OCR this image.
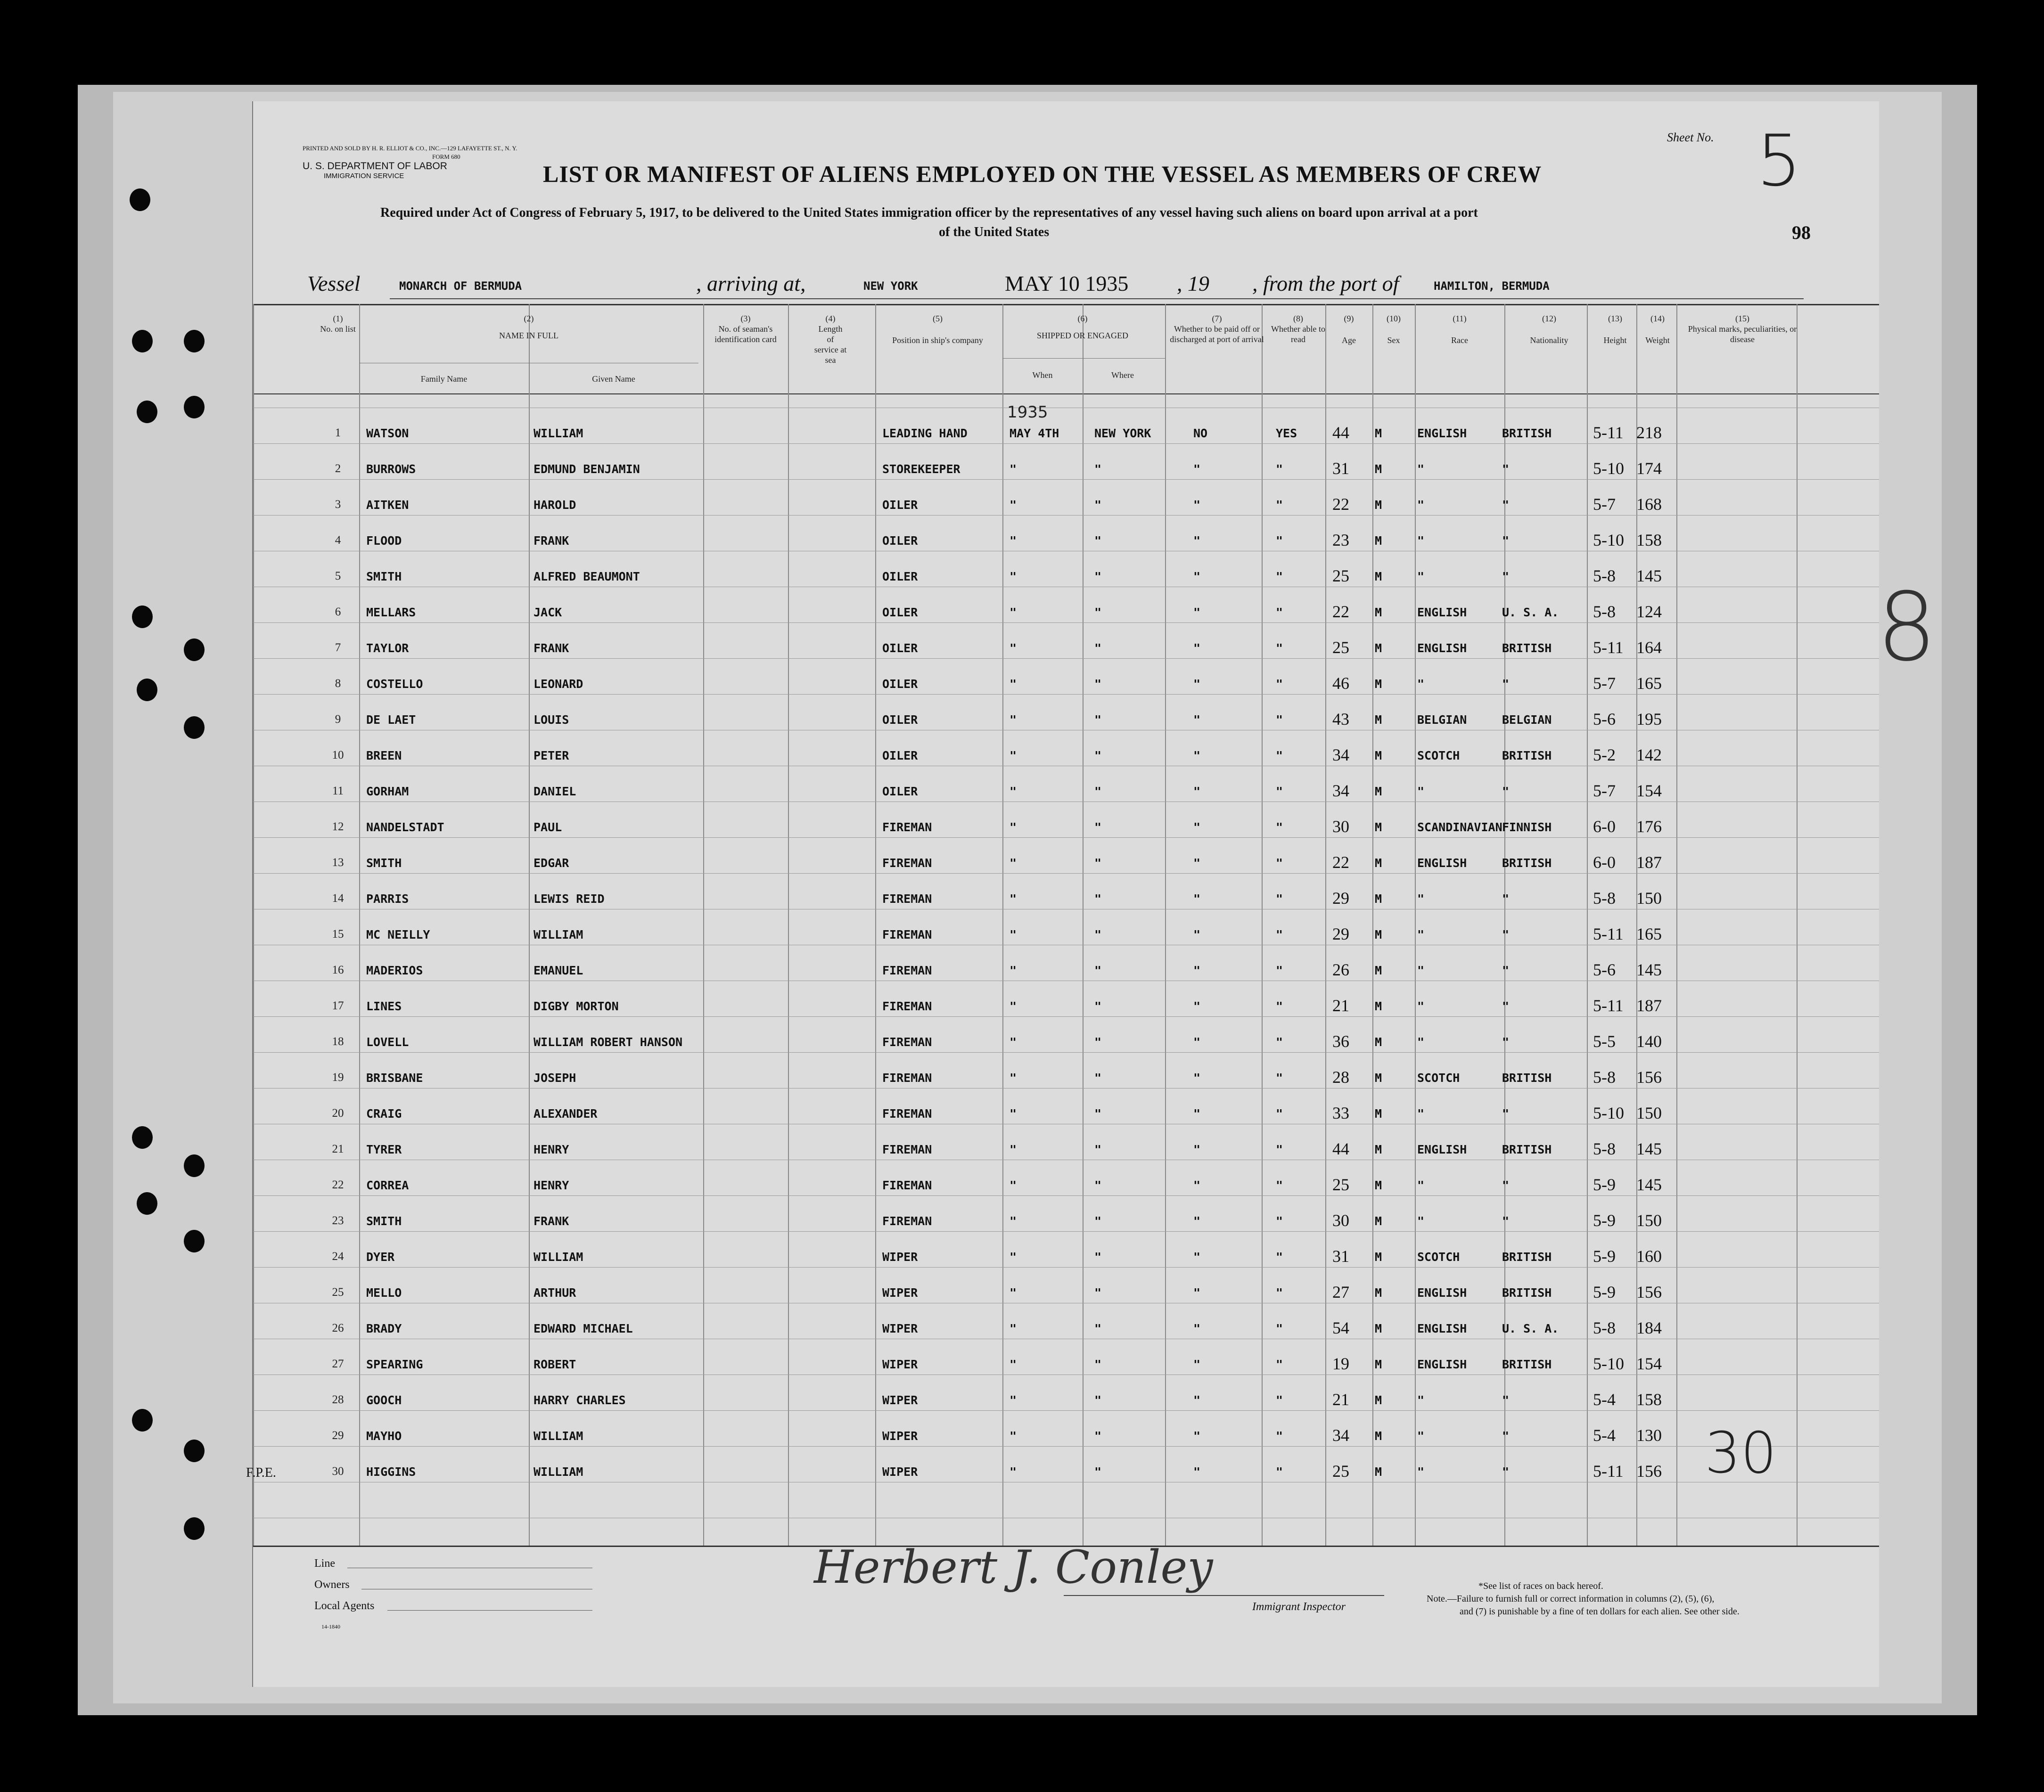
PRINTED AND SOLD BY H. R. ELLIOT & CO., INC.—129 LAFAYETTE ST., N. Y.
FORM 680
U. S. DEPARTMENT OF LABOR
IMMIGRATION SERVICE
Sheet No. 5
98
LIST OR MANIFEST OF ALIENS EMPLOYED ON THE VESSEL AS MEMBERS OF CREW
Required under Act of Congress of February 5, 1917, to be delivered to the United States immigration officer by the representatives of any vessel having such aliens on board upon arrival at a port
of the United States
Vessel	MONARCH OF BERMUDA	, arriving at,	NEW YORK	MAY 10 1935 , 19 , from the port of	HAMILTON, BERMUDA
(1)
No. on list
(2)
NAME IN FULL
Family Name	Given Name
(3)
No. of seaman's identification card
(4)
Length of service at sea
(5)
Position in ship's company
(6)
SHIPPED OR ENGAGED
When	Where
(7)
Whether to be paid off or discharged at port of arrival
(8)
Whether able to read
(9)
Age
(10)
Sex
(11)
Race
(12)
Nationality
(13)
Height
(14)
Weight
(15)
Physical marks, peculiarities, or disease
1935
1	WATSON	WILLIAM	LEADING HAND	MAY 4TH	NEW YORK	NO	YES 44 M	ENGLISH	BRITISH 5-11 218
2	BURROWS	EDMUND BENJAMIN	STOREKEEPER	"	"	"	"	31 M	"	"	5-10 174
3	AITKEN	HAROLD	OILER	"	"	"	"	22 M	"	"	5-7 168
4	FLOOD	FRANK	OILER	"	"	"	"	23 M	"	"	5-10 158
5	SMITH	ALFRED BEAUMONT	OILER	"	"	"	"	25 M	"	"	5-8 145
6	MELLARS	JACK	OILER	"	"	"	"	22 M	ENGLISH	U. S. A. 5-8 124
7	TAYLOR	FRANK	OILER	"	"	"	"	25 M	ENGLISH	BRITISH 5-11 164
8	COSTELLO	LEONARD	OILER	"	"	"	"	46 M	"	"	5-7 165
9	DE LAET	LOUIS	OILER	"	"	"	"	43 M	BELGIAN	BELGIAN 5-6 195
10	BREEN	PETER	OILER	"	"	"	"	34 M	SCOTCH	BRITISH 5-2 142
11	GORHAM	DANIEL	OILER	"	"	"	"	34 M	"	"	5-7 154
12	NANDELSTADT	PAUL	FIREMAN	"	"	"	"	30 M	SCANDINAVIAN FINNISH 6-0 176
13	SMITH	EDGAR	FIREMAN	"	"	"	"	22 M	ENGLISH	BRITISH 6-0 187
14	PARRIS	LEWIS REID	FIREMAN	"	"	"	"	29 M	"	"	5-8 150
15	MC NEILLY	WILLIAM	FIREMAN	"	"	"	"	29 M	"	"	5-11 165
16	MADERIOS	EMANUEL	FIREMAN	"	"	"	"	26 M	"	"	5-6 145
17	LINES	DIGBY MORTON	FIREMAN	"	"	"	"	21 M	"	"	5-11 187
18	LOVELL	WILLIAM ROBERT HANSON	FIREMAN	"	"	"	"	36 M	"	"	5-5 140
19	BRISBANE	JOSEPH	FIREMAN	"	"	"	"	28 M	SCOTCH	BRITISH 5-8 156
20	CRAIG	ALEXANDER	FIREMAN	"	"	"	"	33 M	"	"	5-10 150
21	TYRER	HENRY	FIREMAN	"	"	"	"	44 M	ENGLISH	BRITISH 5-8 145
22	CORREA	HENRY	FIREMAN	"	"	"	"	25 M	"	"	5-9 145
23	SMITH	FRANK	FIREMAN	"	"	"	"	30 M	"	"	5-9 150
24	DYER	WILLIAM	WIPER	"	"	"	"	31 M	SCOTCH	BRITISH 5-9 160
25	MELLO	ARTHUR	WIPER	"	"	"	"	27 M	ENGLISH	BRITISH 5-9 156
26	BRADY	EDWARD MICHAEL	WIPER	"	"	"	"	54 M	ENGLISH	U. S. A. 5-8 184
27	SPEARING	ROBERT	WIPER	"	"	"	"	19 M	ENGLISH	BRITISH 5-10 154
28	GOOCH	HARRY CHARLES	WIPER	"	"	"	"	21 M	"	"	5-4 158
29	MAYHO	WILLIAM	WIPER	"	"	"	"	34 M	"	"	5-4 130
30	HIGGINS	WILLIAM	WIPER	"	"	"	"	25 M	"	"	5-11 156 30
8
F.P.E.
Line
Owners
Local Agents
14-1840
Herbert J. Conley
Immigrant Inspector
*See list of races on back hereof.
Note.—Failure to furnish full or correct information in columns (2), (5), (6),
and (7) is punishable by a fine of ten dollars for each alien. See other side.
